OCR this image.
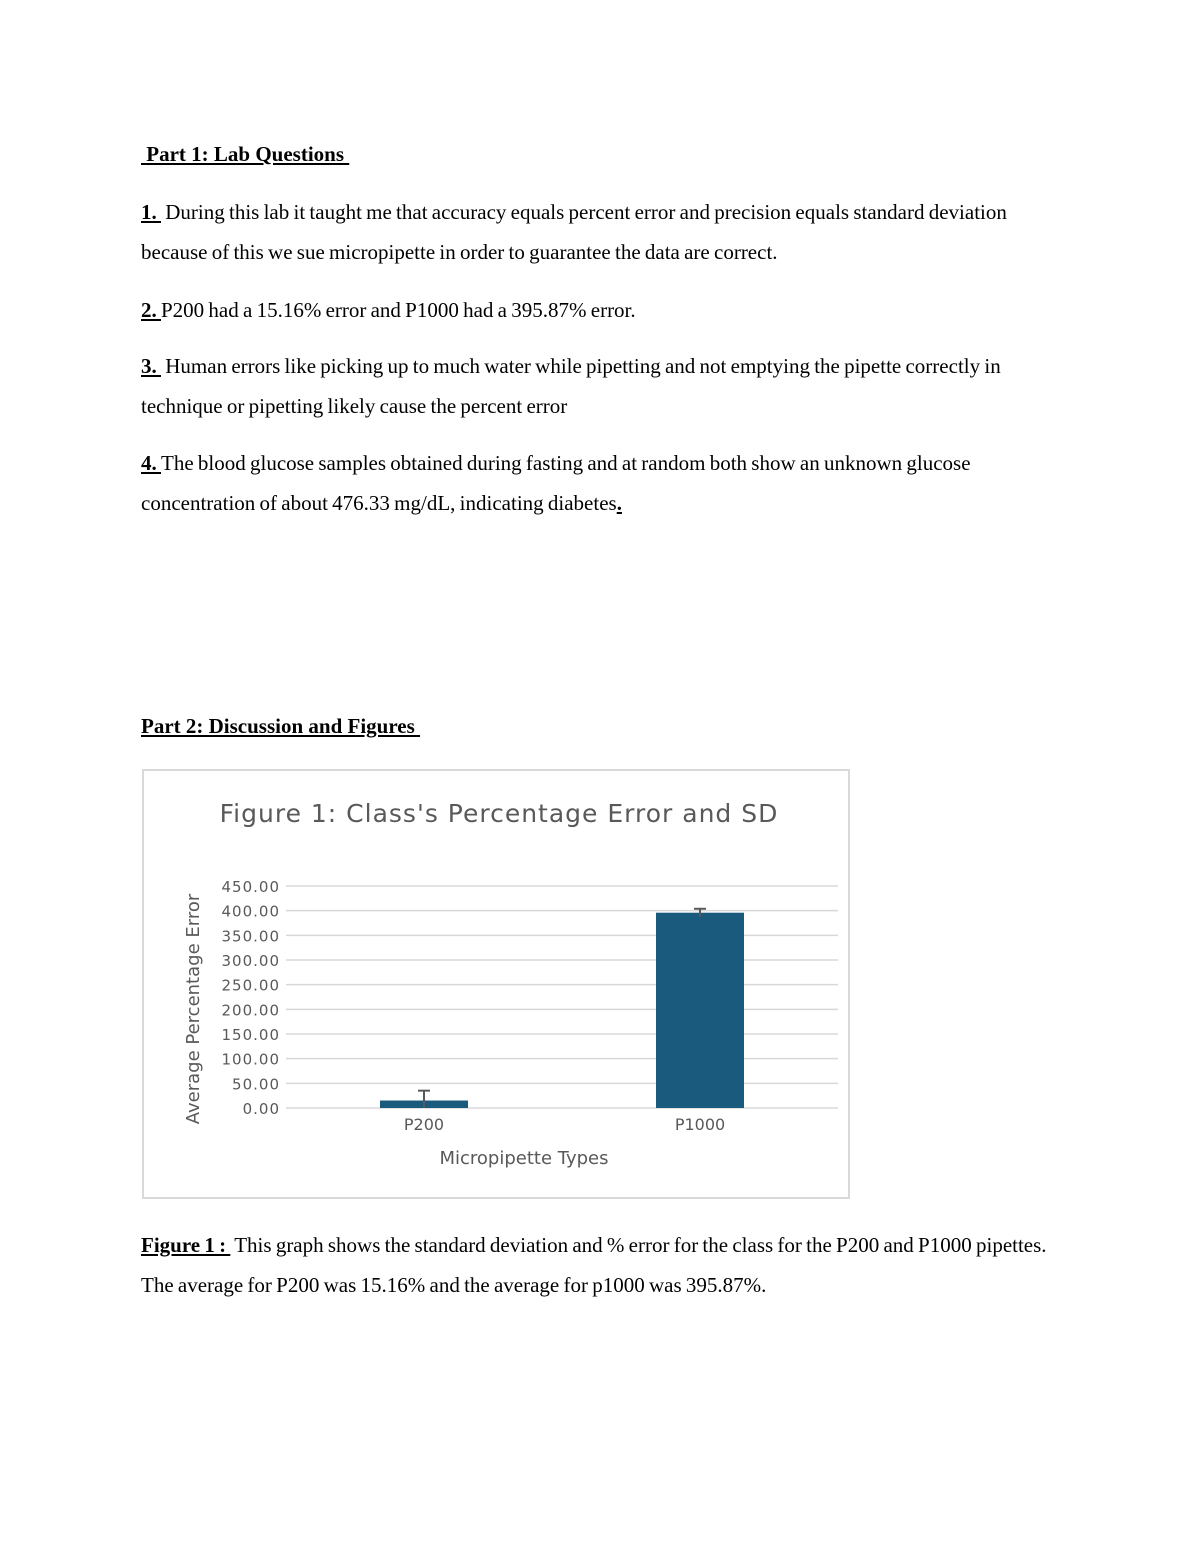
Part 1: Lab Questions

1.  During this lab it taught me that accuracy equals percent error and precision equals standard deviation because of this we sue micropipette in order to guarantee the data are correct.

2. P200 had a 15.16% error and P1000 had a 395.87% error.

3.  Human errors like picking up to much water while pipetting and not emptying the pipette correctly in technique or pipetting likely cause the percent error

4. The blood glucose samples obtained during fasting and at random both show an unknown glucose concentration of about 476.33 mg/dL, indicating diabetes.

Part 2: Discussion and Figures
Figure 1: Class's Percentage Error and SD
Average Percentage Error
Micropipette Types
0.00
50.00
100.00
150.00
200.00
250.00
300.00
350.00
400.00
450.00
P200	P1000

Figure 1 :  This graph shows the standard deviation and % error for the class for the P200 and P1000 pipettes. The average for P200 was 15.16% and the average for p1000 was 395.87%.
